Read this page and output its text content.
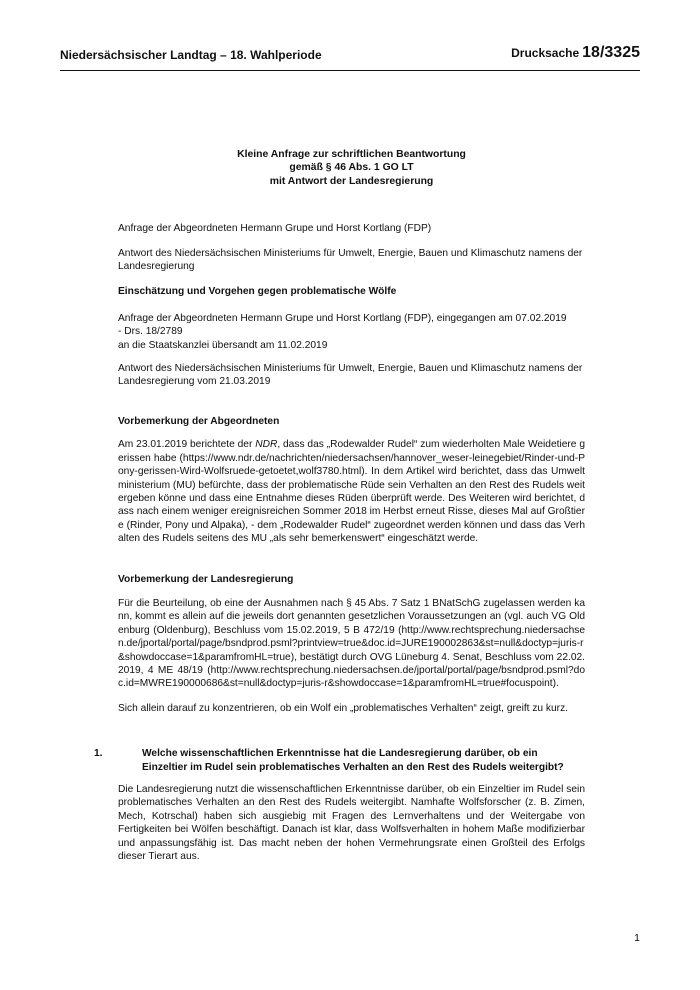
Niedersächsischer Landtag – 18. Wahlperiode	Drucksache 18/3325

Kleine Anfrage zur schriftlichen Beantwortung

gemäß § 46 Abs. 1 GO LT

mit Antwort der Landesregierung

Anfrage der Abgeordneten Hermann Grupe und Horst Kortlang (FDP)

Antwort des Niedersächsischen Ministeriums für Umwelt, Energie, Bauen und Klimaschutz namens der Landesregierung

Einschätzung und Vorgehen gegen problematische Wölfe

Anfrage der Abgeordneten Hermann Grupe und Horst Kortlang (FDP), eingegangen am 07.02.2019

- Drs. 18/2789

an die Staatskanzlei übersandt am 11.02.2019

Antwort des Niedersächsischen Ministeriums für Umwelt, Energie, Bauen und Klimaschutz namens der Landesregierung vom 21.03.2019

Vorbemerkung der Abgeordneten

Am 23.01.2019 berichtete der NDR, dass das „Rodewalder Rudel“ zum wiederholten Male Weidetiere gerissen habe (https://www.ndr.de/nachrichten/niedersachsen/hannover_weser-leinegebiet/Rinder-und-Pony-gerissen-Wird-Wolfsruede-getoetet,wolf3780.html). In dem Artikel wird berichtet, dass das Umweltministerium (MU) befürchte, dass der problematische Rüde sein Verhalten an den Rest des Rudels weitergeben könne und dass eine Entnahme dieses Rüden überprüft werde. Des Weiteren wird berichtet, dass nach einem weniger ereignisreichen Sommer 2018 im Herbst erneut Risse, dieses Mal auf Großtiere (Rinder, Pony und Alpaka), - dem „Rodewalder Rudel“ zugeordnet werden können und dass das Verhalten des Rudels seitens des MU „als sehr bemerkenswert“ eingeschätzt werde.

Vorbemerkung der Landesregierung

Für die Beurteilung, ob eine der Ausnahmen nach § 45 Abs. 7 Satz 1 BNatSchG zugelassen werden kann, kommt es allein auf die jeweils dort genannten gesetzlichen Voraussetzungen an (vgl. auch VG Oldenburg (Oldenburg), Beschluss vom 15.02.2019, 5 B 472/19 (http://www.rechtsprechung.niedersachsen.de/jportal/portal/page/bsndprod.psml?printview=true&doc.id=JURE190002863&st=null&doctyp=juris-r&showdoccase=1&paramfromHL=true), bestätigt durch OVG Lüneburg 4. Senat, Beschluss vom 22.02.2019, 4 ME 48/19 (http://www.rechtsprechung.niedersachsen.de/jportal/portal/page/bsndprod.psml?doc.id=MWRE190000686&st=null&doctyp=juris-r&showdoccase=1&paramfromHL=true#focuspoint).

Sich allein darauf zu konzentrieren, ob ein Wolf ein „problematisches Verhalten“ zeigt, greift zu kurz.

1.	Welche wissenschaftlichen Erkenntnisse hat die Landesregierung darüber, ob ein Einzeltier im Rudel sein problematisches Verhalten an den Rest des Rudels weitergibt?

Die Landesregierung nutzt die wissenschaftlichen Erkenntnisse darüber, ob ein Einzeltier im Rudel sein problematisches Verhalten an den Rest des Rudels weitergibt. Namhafte Wolfsforscher (z. B. Zimen, Mech, Kotrschal) haben sich ausgiebig mit Fragen des Lernverhaltens und der Weitergabe von Fertigkeiten bei Wölfen beschäftigt. Danach ist klar, dass Wolfsverhalten in hohem Maße modifizierbar und anpassungsfähig ist. Das macht neben der hohen Vermehrungsrate einen Großteil des Erfolgs dieser Tierart aus.

1
